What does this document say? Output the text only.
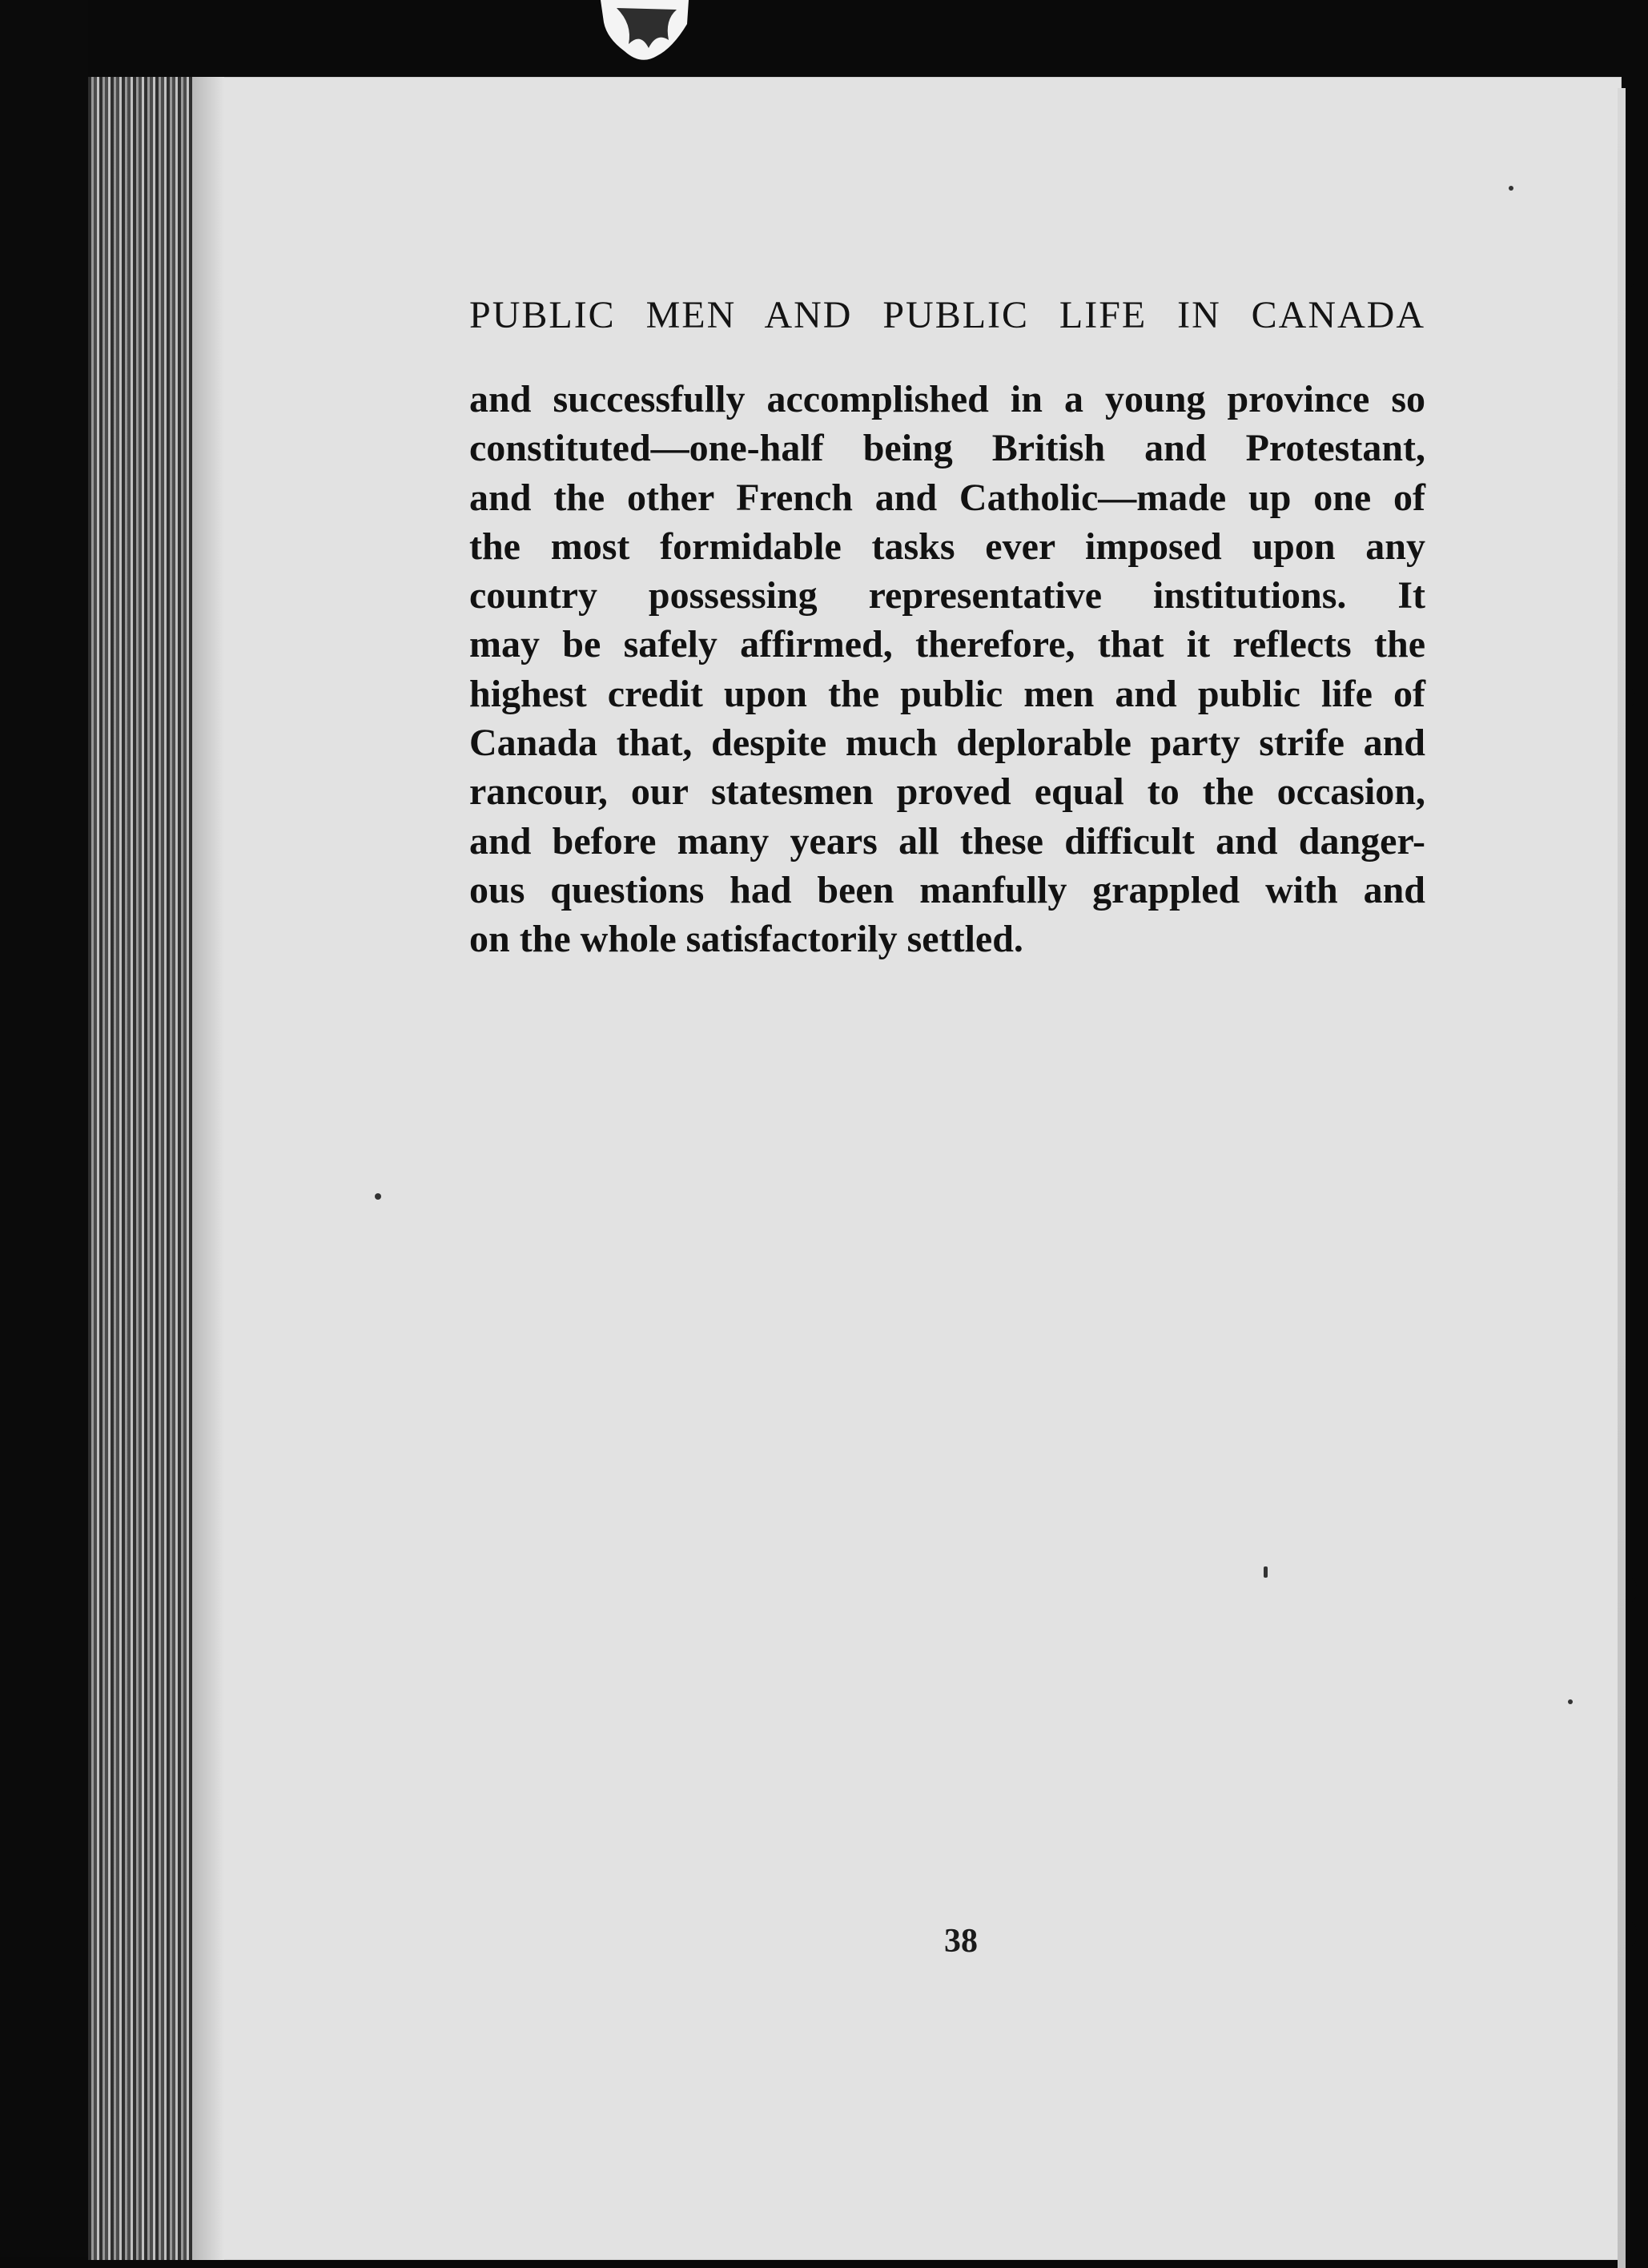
PUBLIC MEN AND PUBLIC LIFE IN CANADA
and successfully accomplished in a young province so
constituted—one-half being British and Protestant,
and the other French and Catholic—made up one of
the most formidable tasks ever imposed upon any
country possessing representative institutions. It
may be safely affirmed, therefore, that it reflects the
highest credit upon the public men and public life of
Canada that, despite much deplorable party strife and
rancour, our statesmen proved equal to the occasion,
and before many years all these difficult and danger-
ous questions had been manfully grappled with and
on the whole satisfactorily settled.
38
